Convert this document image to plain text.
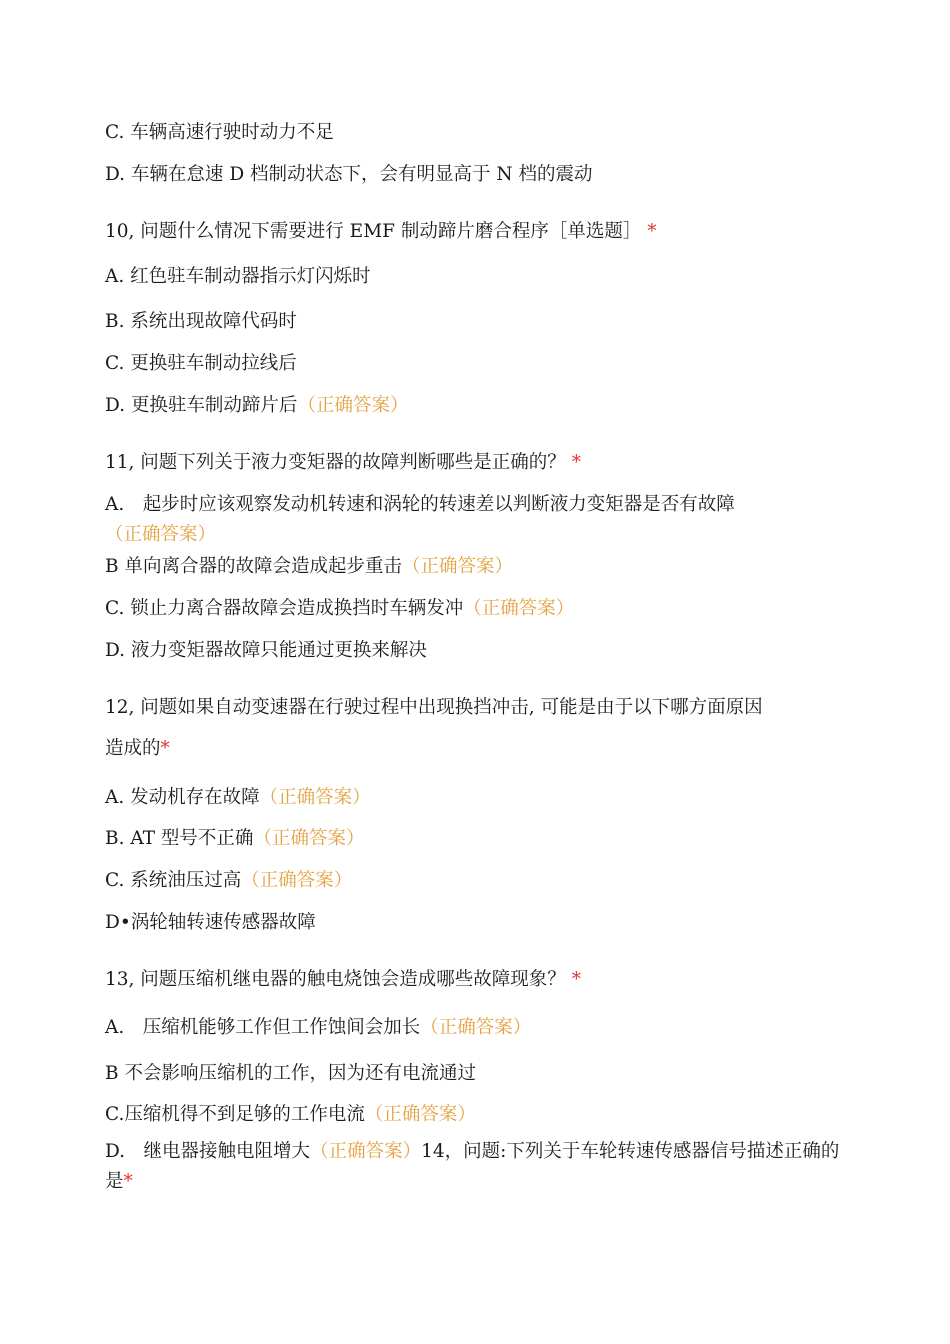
C. 车辆高速行驶时动力不足
D. 车辆在怠速 D 档制动状态下，会有明显高于 N 档的震动
10, 问题什么情况下需要进行 EMF 制动蹄片磨合程序［单选题］ *
A. 红色驻车制动器指示灯闪烁时
B. 系统出现故障代码时
C. 更换驻车制动拉线后
D. 更换驻车制动蹄片后（正确答案）
11, 问题下列关于液力变矩器的故障判断哪些是正确的？ *
A.　起步时应该观察发动机转速和涡轮的转速差以判断液力变矩器是否有故障（正确答案）
B 单向离合器的故障会造成起步重击（正确答案）
C. 锁止力离合器故障会造成换挡时车辆发冲（正确答案）
D. 液力变矩器故障只能通过更换来解决
12, 问题如果自动变速器在行驶过程中出现换挡冲击, 可能是由于以下哪方面原因
造成的*
A. 发动机存在故障（正确答案）
B. AT 型号不正确（正确答案）
C. 系统油压过高（正确答案）
D•涡轮轴转速传感器故障
13, 问题压缩机继电器的触电烧蚀会造成哪些故障现象？ *
A.　压缩机能够工作但工作蚀间会加长（正确答案）
B 不会影响压缩机的工作，因为还有电流通过
C.压缩机得不到足够的工作电流（正确答案）
D.　继电器接触电阻增大（正确答案）14，问题:下列关于车轮转速传感器信号描述正确的是*
